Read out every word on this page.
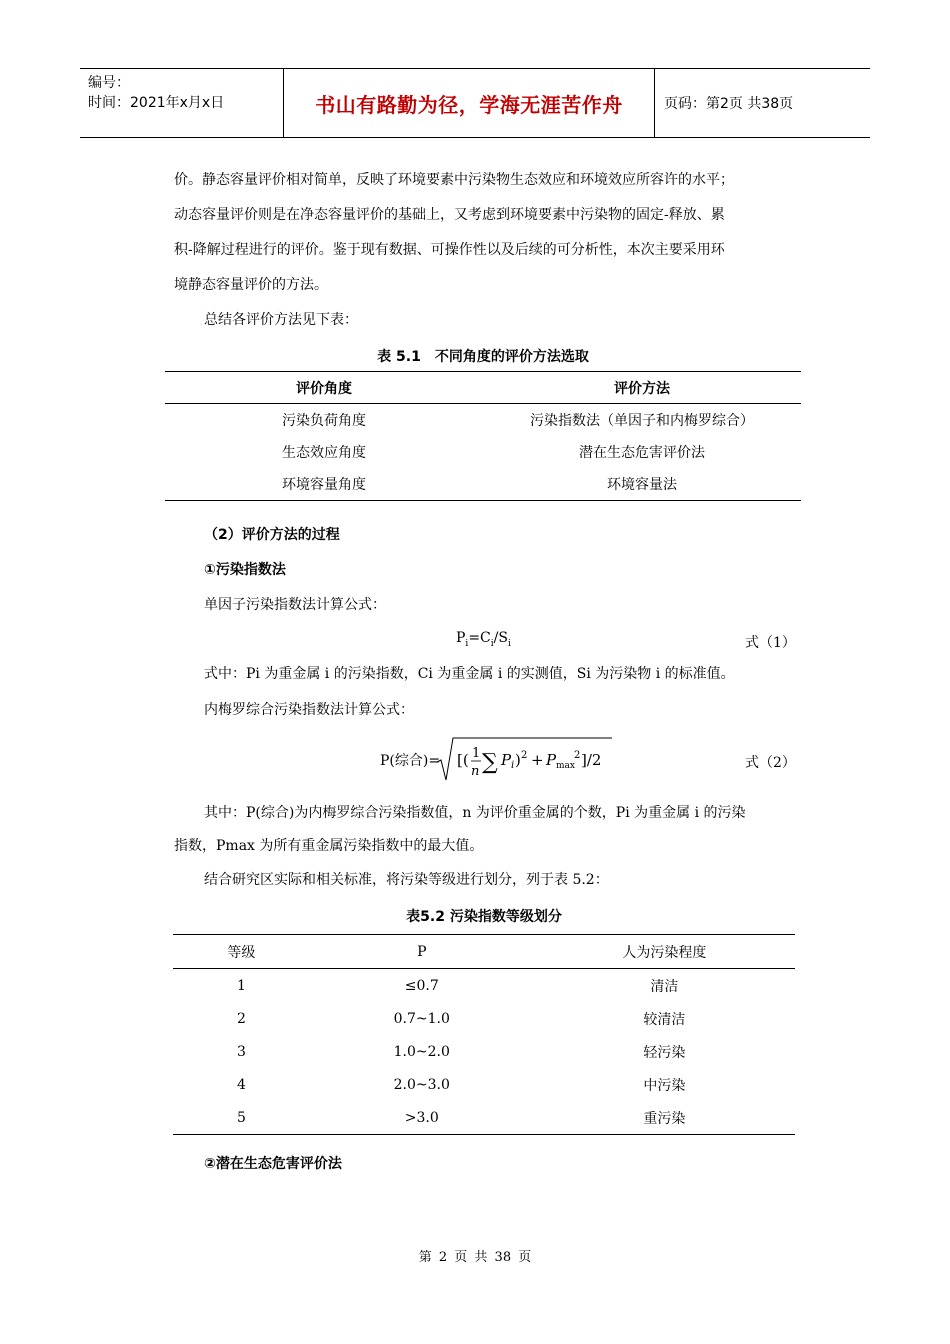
编号：
时间：2021年x月x日	书山有路勤为径，学海无涯苦作舟	页码：第2页 共38页
价。静态容量评价相对简单，反映了环境要素中污染物生态效应和环境效应所容许的水平；
动态容量评价则是在净态容量评价的基础上，又考虑到环境要素中污染物的固定-释放、累
积-降解过程进行的评价。鉴于现有数据、可操作性以及后续的可分析性，本次主要采用环
境静态容量评价的方法。
总结各评价方法见下表：
表 5.1　不同角度的评价方法选取
评价角度	评价方法
污染负荷角度	污染指数法（单因子和内梅罗综合）
生态效应角度	潜在生态危害评价法
环境容量角度	环境容量法
（2）评价方法的过程
①污染指数法
单因子污染指数法计算公式：
$P_i=C_i/S_i$	式（1）
式中：Pi 为重金属 i 的污染指数，Ci 为重金属 i 的实测值，Si 为污染物 i 的标准值。
内梅罗综合污染指数法计算公式：
P(综合)= [( 1
n ∑ P i ) 2 + P max
2 ]/2	式（2）
其中：P(综合)为内梅罗综合污染指数值，n 为评价重金属的个数，Pi 为重金属 i 的污染
指数，Pmax 为所有重金属污染指数中的最大值。
结合研究区实际和相关标准，将污染等级进行划分，列于表 5.2：
表5.2 污染指数等级划分
等级	P	人为污染程度
1	≤0.7	清洁
2	0.7~1.0	较清洁
3	1.0~2.0	轻污染
4	2.0~3.0	中污染
5	>3.0	重污染
②潜在生态危害评价法
第 2 页 共 38 页
